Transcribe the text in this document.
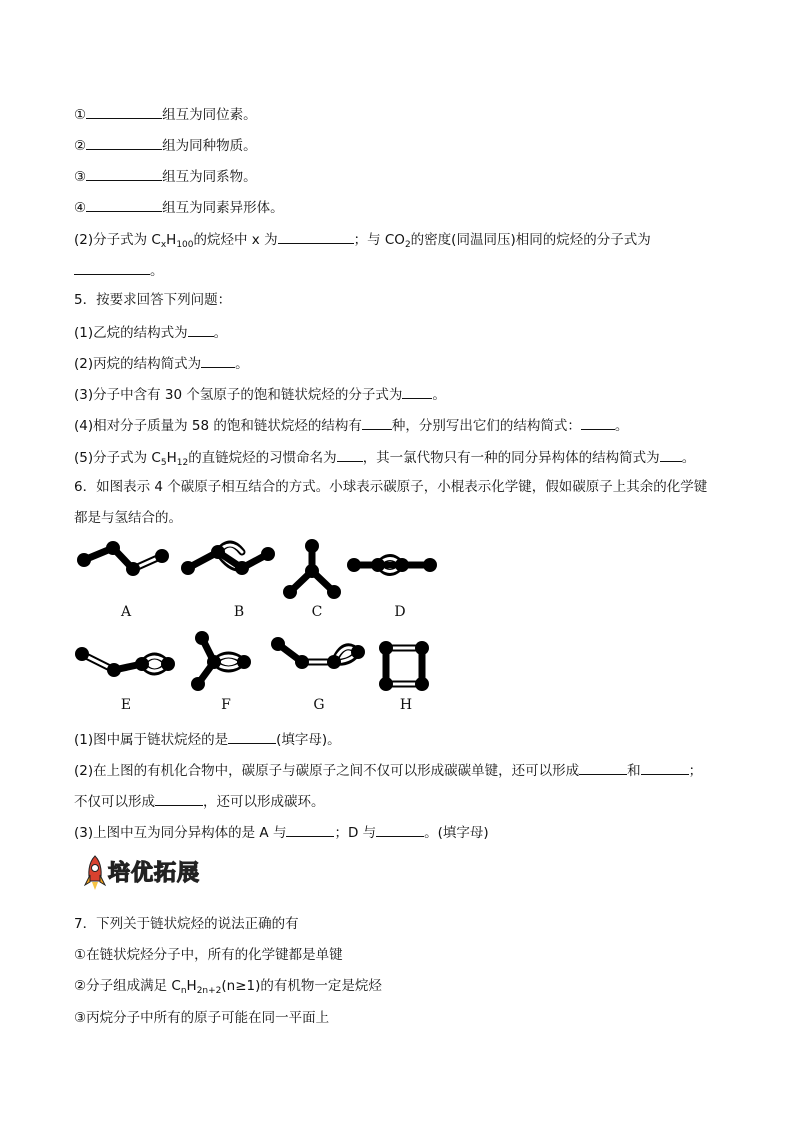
①	组互为同位素。
②	组为同种物质。
③	组互为同系物。
④	组互为同素异形体。
(2)分子式为 $C_xH_{100}$的烷烃中 x 为	；与 $CO_2$的密度(同温同压)相同的烷烃的分子式为
。
5．按要求回答下列问题：
(1)乙烷的结构式为 。
(2)丙烷的结构简式为	。
(3)分子中含有 30 个氢原子的饱和链状烷烃的分子式为 。
(4)相对分子质量为 58 的饱和链状烷烃的结构有 种，分别写出它们的结构简式：	。
(5)分子式为 $C_5H_{12}$的直链烷烃的习惯命名为 ，其一氯代物只有一种的同分异构体的结构简式为 。
6．如图表示 4 个碳原子相互结合的方式。小球表示碳原子，小棍表示化学键，假如碳原子上其余的化学键
都是与氢结合的。
A	B	C	D
E	F	G	H
(1)图中属于链状烷烃的是	(填字母)。
(2)在上图的有机化合物中，碳原子与碳原子之间不仅可以形成碳碳单键，还可以形成	和	；
不仅可以形成	，还可以形成碳环。
(3)上图中互为同分异构体的是 A 与	；D 与	。(填字母)
培优拓展
7．下列关于链状烷烃的说法正确的有
①在链状烷烃分子中，所有的化学键都是单键
②分子组成满足 $C_nH_{2n+2}(n\ge 1)$的有机物一定是烷烃
③丙烷分子中所有的原子可能在同一平面上
